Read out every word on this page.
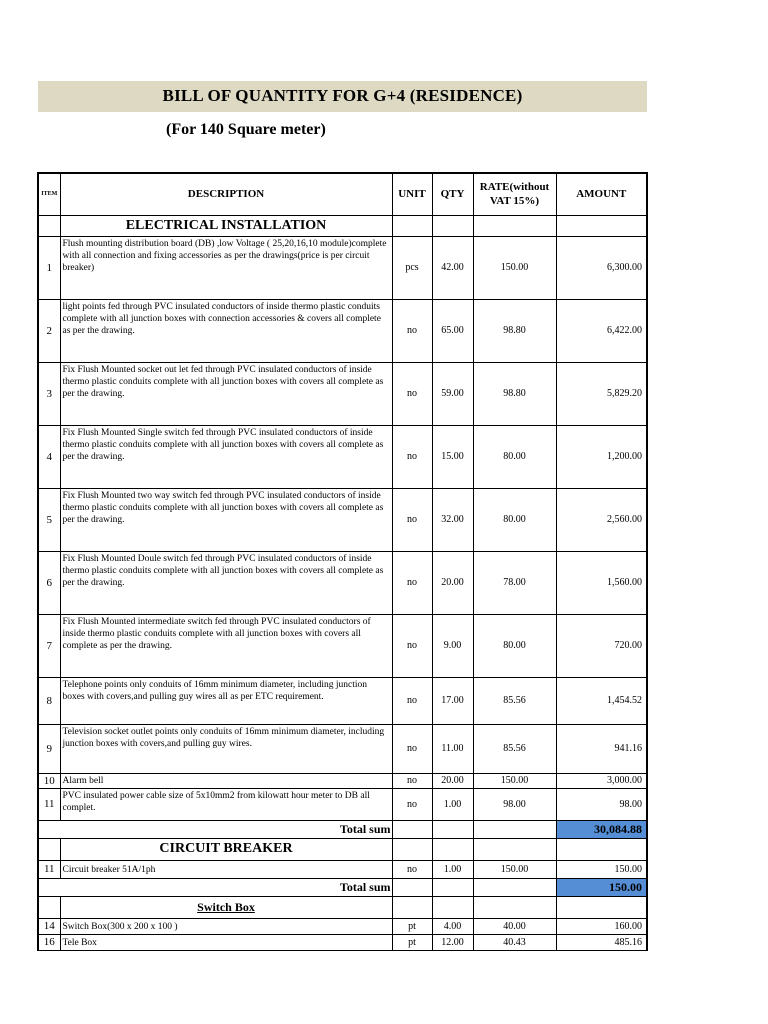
BILL OF QUANTITY FOR G+4 (RESIDENCE)
(For 140 Square meter)
ITEM	DESCRIPTION	UNIT	QTY	RATE(without VAT 15%)	AMOUNT
	ELECTRICAL INSTALLATION				
1	Flush mounting distribution board (DB) ,low Voltage ( 25,20,16,10 module)complete with all connection and fixing accessories as per the drawings(price is per circuit breaker)	pcs	42.00	150.00	6,300.00
2	light points fed through PVC insulated conductors of inside thermo plastic conduits complete with all junction boxes with connection accessories & covers all complete as per the drawing.	no	65.00	98.80	6,422.00
3	Fix Flush Mounted socket out let fed through PVC insulated conductors of inside thermo plastic conduits complete with all junction boxes with covers all complete as per the drawing.	no	59.00	98.80	5,829.20
4	Fix Flush Mounted Single switch fed through PVC insulated conductors of inside thermo plastic conduits complete with all junction boxes with covers all complete as per the drawing.	no	15.00	80.00	1,200.00
5	Fix Flush Mounted two way switch fed through PVC insulated conductors of inside thermo plastic conduits complete with all junction boxes with covers all complete as per the drawing.	no	32.00	80.00	2,560.00
6	Fix Flush Mounted Doule switch fed through PVC insulated conductors of inside thermo plastic conduits complete with all junction boxes with covers all complete as per the drawing.	no	20.00	78.00	1,560.00
7	Fix Flush Mounted intermediate switch fed through PVC insulated conductors of inside thermo plastic conduits complete with all junction boxes with covers all complete as per the drawing.	no	9.00	80.00	720.00
8	Telephone points only conduits of 16mm minimum diameter, including junction boxes with covers,and pulling guy wires all as per ETC requirement.	no	17.00	85.56	1,454.52
9	Television socket outlet points only conduits of 16mm minimum diameter, including junction boxes with covers,and pulling guy wires.	no	11.00	85.56	941.16
10	Alarm bell	no	20.00	150.00	3,000.00
11	PVC insulated power cable size of 5x10mm2 from kilowatt hour meter to DB all complet.	no	1.00	98.00	98.00
	Total sum				30,084.88
	CIRCUIT BREAKER				
11	Circuit breaker 51A/1ph	no	1.00	150.00	150.00
	Total sum				150.00
	Switch Box				
14	Switch Box(300 x 200 x 100 )	pt	4.00	40.00	160.00
16	Tele Box	pt	12.00	40.43	485.16
